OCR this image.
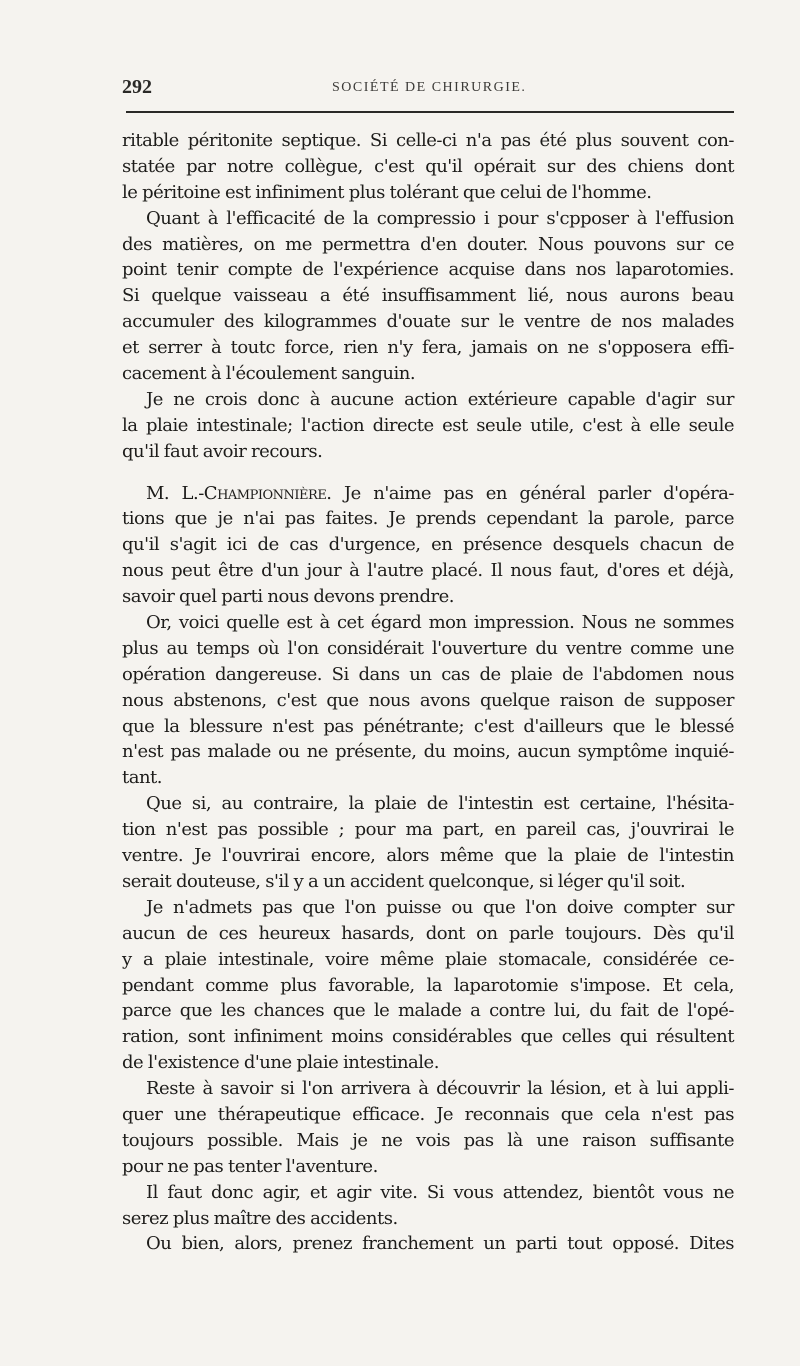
292	SOCIÉTÉ DE CHIRURGIE.
ritable péritonite septique. Si celle-ci n'a pas été plus souvent con-
statée par notre collègue, c'est qu'il opérait sur des chiens dont
le péritoine est infiniment plus tolérant que celui de l'homme.
Quant à l'efficacité de la compressio i pour s'cpposer à l'effusion
des matières, on me permettra d'en douter. Nous pouvons sur ce
point tenir compte de l'expérience acquise dans nos laparotomies.
Si quelque vaisseau a été insuffisamment lié, nous aurons beau
accumuler des kilogrammes d'ouate sur le ventre de nos malades
et serrer à toutc force, rien n'y fera, jamais on ne s'opposera effi-
cacement à l'écoulement sanguin.
Je ne crois donc à aucune action extérieure capable d'agir sur
la plaie intestinale; l'action directe est seule utile, c'est à elle seule
qu'il faut avoir recours.
M. L.-Championnière. Je n'aime pas en général parler d'opéra-
tions que je n'ai pas faites. Je prends cependant la parole, parce
qu'il s'agit ici de cas d'urgence, en présence desquels chacun de
nous peut être d'un jour à l'autre placé. Il nous faut, d'ores et déjà,
savoir quel parti nous devons prendre.
Or, voici quelle est à cet égard mon impression. Nous ne sommes
plus au temps où l'on considérait l'ouverture du ventre comme une
opération dangereuse. Si dans un cas de plaie de l'abdomen nous
nous abstenons, c'est que nous avons quelque raison de supposer
que la blessure n'est pas pénétrante; c'est d'ailleurs que le blessé
n'est pas malade ou ne présente, du moins, aucun symptôme inquié-
tant.
Que si, au contraire, la plaie de l'intestin est certaine, l'hésita-
tion n'est pas possible ; pour ma part, en pareil cas, j'ouvrirai le
ventre. Je l'ouvrirai encore, alors même que la plaie de l'intestin
serait douteuse, s'il y a un accident quelconque, si léger qu'il soit.
Je n'admets pas que l'on puisse ou que l'on doive compter sur
aucun de ces heureux hasards, dont on parle toujours. Dès qu'il
y a plaie intestinale, voire même plaie stomacale, considérée ce-
pendant comme plus favorable, la laparotomie s'impose. Et cela,
parce que les chances que le malade a contre lui, du fait de l'opé-
ration, sont infiniment moins considérables que celles qui résultent
de l'existence d'une plaie intestinale.
Reste à savoir si l'on arrivera à découvrir la lésion, et à lui appli-
quer une thérapeutique efficace. Je reconnais que cela n'est pas
toujours possible. Mais je ne vois pas là une raison suffisante
pour ne pas tenter l'aventure.
Il faut donc agir, et agir vite. Si vous attendez, bientôt vous ne
serez plus maître des accidents.
Ou bien, alors, prenez franchement un parti tout opposé. Dites
